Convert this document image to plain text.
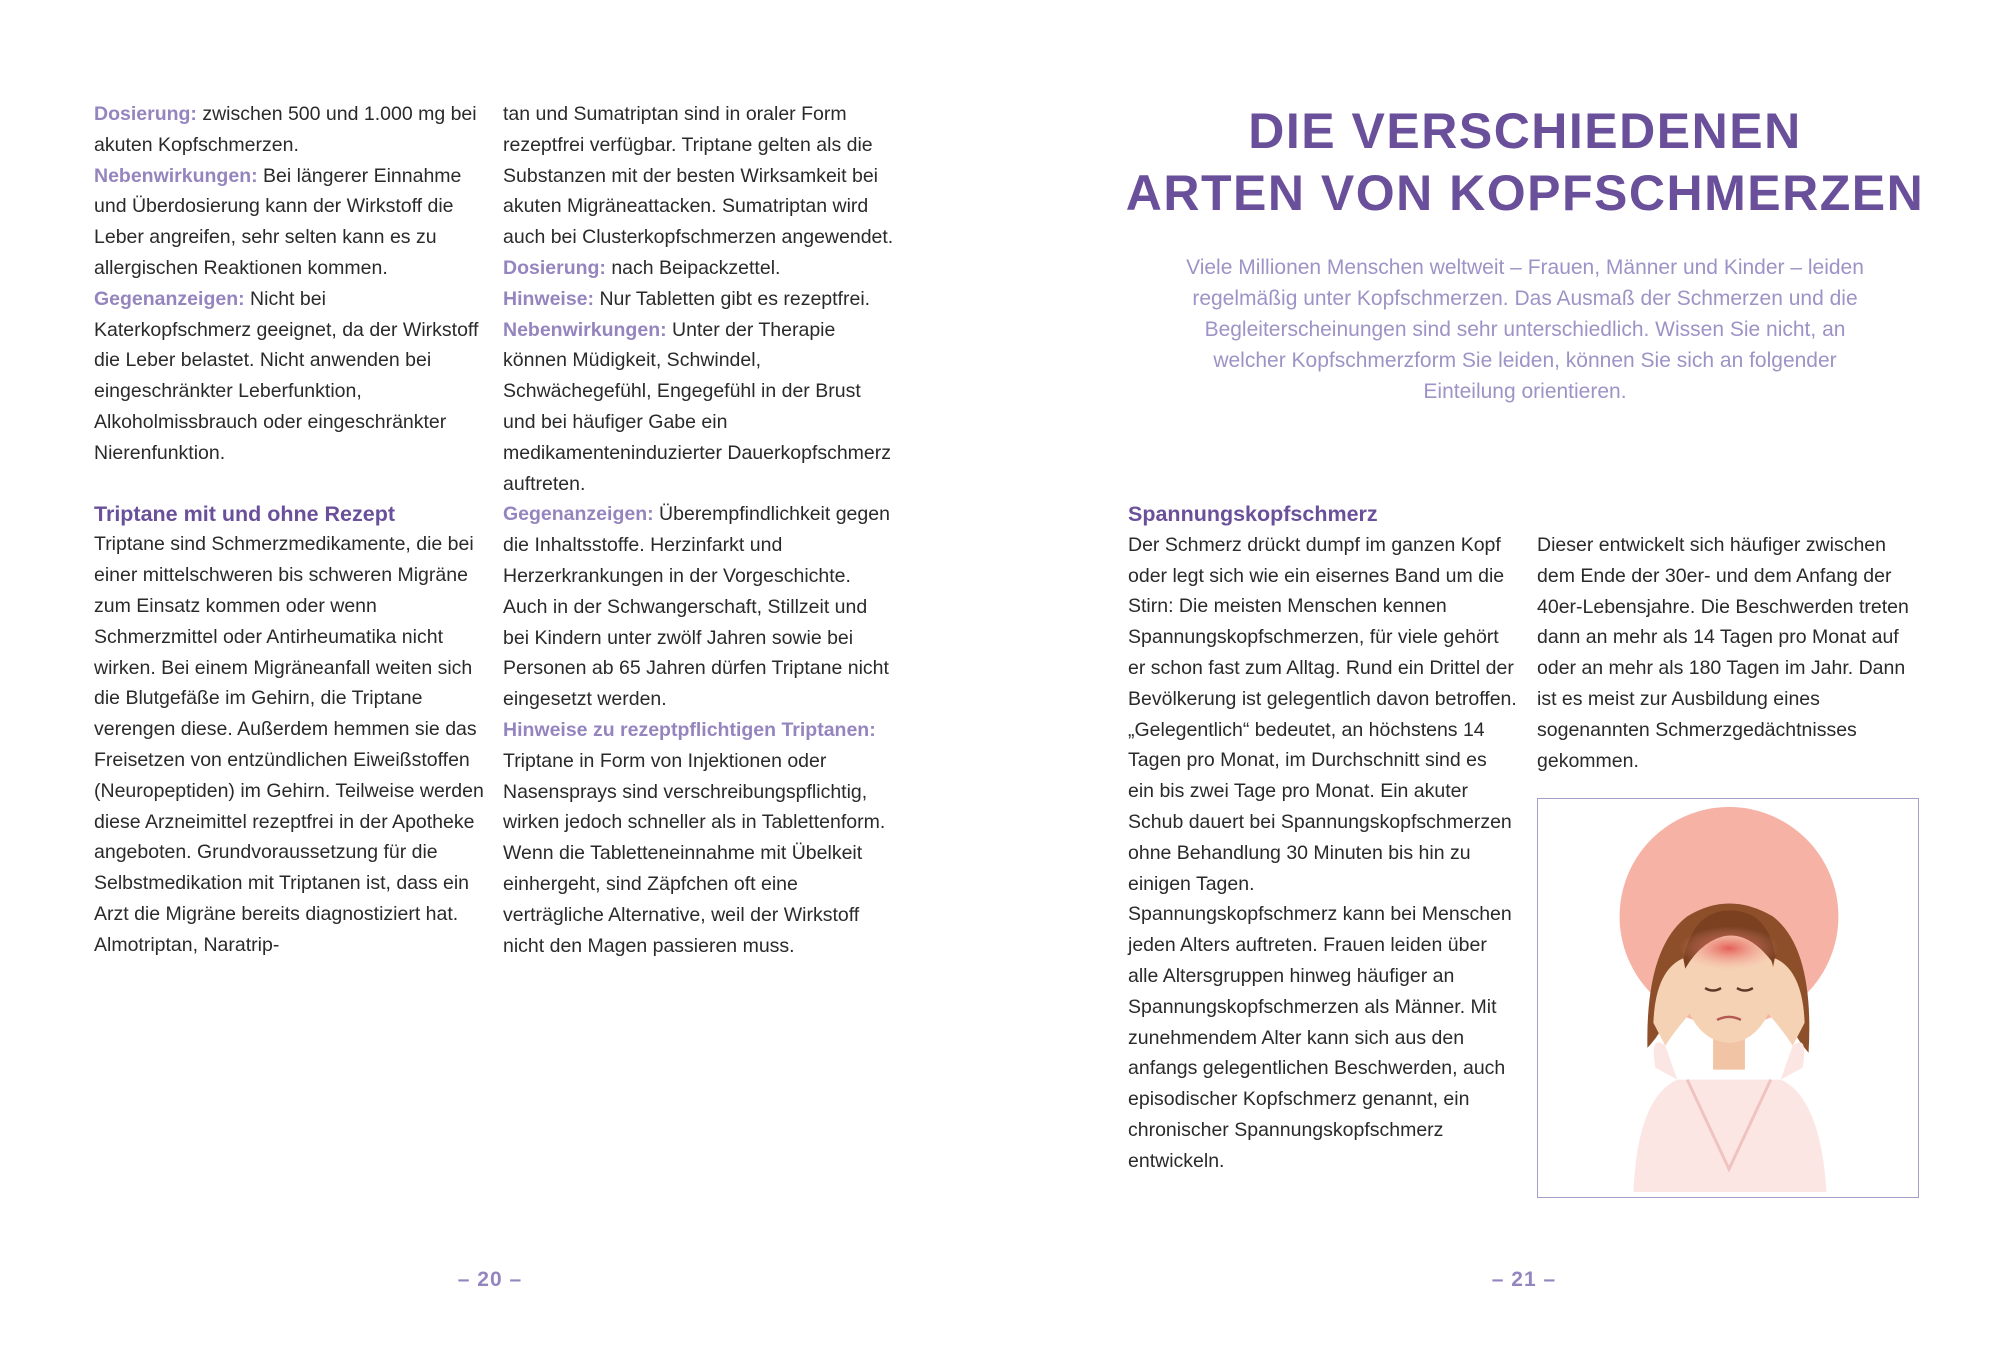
Dosierung: zwischen 500 und 1.000 mg bei akuten Kopfschmerzen.

Nebenwirkungen: Bei längerer Einnahme und Überdosierung kann der Wirkstoff die Leber angreifen, sehr selten kann es zu allergischen Reaktionen kommen.

Gegenanzeigen: Nicht bei Katerkopfschmerz geeignet, da der Wirkstoff die Leber belastet. Nicht anwenden bei eingeschränkter Leberfunktion, Alkoholmissbrauch oder eingeschränkter Nierenfunktion.

Triptane mit und ohne Rezept

Triptane sind Schmerzmedikamente, die bei einer mittelschweren bis schweren Migräne zum Einsatz kommen oder wenn Schmerzmittel oder Antirheumatika nicht wirken. Bei einem Migräneanfall weiten sich die Blutgefäße im Gehirn, die Triptane verengen diese. Außerdem hemmen sie das Freisetzen von entzündlichen Eiweißstoffen (Neuropeptiden) im Gehirn. Teilweise werden diese Arzneimittel rezeptfrei in der Apotheke angeboten. Grundvoraussetzung für die Selbstmedikation mit Triptanen ist, dass ein Arzt die Migräne bereits diagnostiziert hat. Almotriptan, Naratrip-

tan und Sumatriptan sind in oraler Form rezeptfrei verfügbar. Triptane gelten als die Substanzen mit der besten Wirksamkeit bei akuten Migräneattacken. Sumatriptan wird auch bei Clusterkopfschmerzen angewendet.

Dosierung: nach Beipackzettel.

Hinweise: Nur Tabletten gibt es rezeptfrei.

Nebenwirkungen: Unter der Therapie können Müdigkeit, Schwindel, Schwächegefühl, Engegefühl in der Brust und bei häufiger Gabe ein medikamenteninduzierter Dauerkopfschmerz auftreten.

Gegenanzeigen: Überempfindlichkeit gegen die Inhaltsstoffe. Herzinfarkt und Herzerkrankungen in der Vorgeschichte. Auch in der Schwangerschaft, Stillzeit und bei Kindern unter zwölf Jahren sowie bei Personen ab 65 Jahren dürfen Triptane nicht eingesetzt werden.

Hinweise zu rezeptpflichtigen Triptanen: Triptane in Form von Injektionen oder Nasensprays sind verschreibungspflichtig, wirken jedoch schneller als in Tablettenform. Wenn die Tabletteneinnahme mit Übelkeit einhergeht, sind Zäpfchen oft eine verträgliche Alternative, weil der Wirkstoff nicht den Magen passieren muss.

– 20 –
DIE VERSCHIEDENEN
ARTEN VON KOPFSCHMERZEN

Viele Millionen Menschen weltweit – Frauen, Männer und Kinder – leiden regelmäßig unter Kopfschmerzen. Das Ausmaß der Schmerzen und die Begleiterscheinungen sind sehr unterschiedlich. Wissen Sie nicht, an welcher Kopfschmerzform Sie leiden, können Sie sich an folgender Einteilung orientieren.

Spannungskopfschmerz

Der Schmerz drückt dumpf im ganzen Kopf oder legt sich wie ein eisernes Band um die Stirn: Die meisten Menschen kennen Spannungskopfschmerzen, für viele gehört er schon fast zum Alltag. Rund ein Drittel der Bevölkerung ist gelegentlich davon betroffen. „Gelegentlich“ bedeutet, an höchstens 14 Tagen pro Monat, im Durchschnitt sind es ein bis zwei Tage pro Monat. Ein akuter Schub dauert bei Spannungskopfschmerzen ohne Behandlung 30 Minuten bis hin zu einigen Tagen.

Spannungskopfschmerz kann bei Menschen jeden Alters auftreten. Frauen leiden über alle Altersgruppen hinweg häufiger an Spannungskopfschmerzen als Männer. Mit zunehmendem Alter kann sich aus den anfangs gelegentlichen Beschwerden, auch episodischer Kopfschmerz genannt, ein chronischer Spannungskopfschmerz entwickeln.

Dieser entwickelt sich häufiger zwischen dem Ende der 30er- und dem Anfang der 40er-Lebensjahre. Die Beschwerden treten dann an mehr als 14 Tagen pro Monat auf oder an mehr als 180 Tagen im Jahr. Dann ist es meist zur Ausbildung eines sogenannten Schmerzgedächtnisses gekommen.

– 21 –
